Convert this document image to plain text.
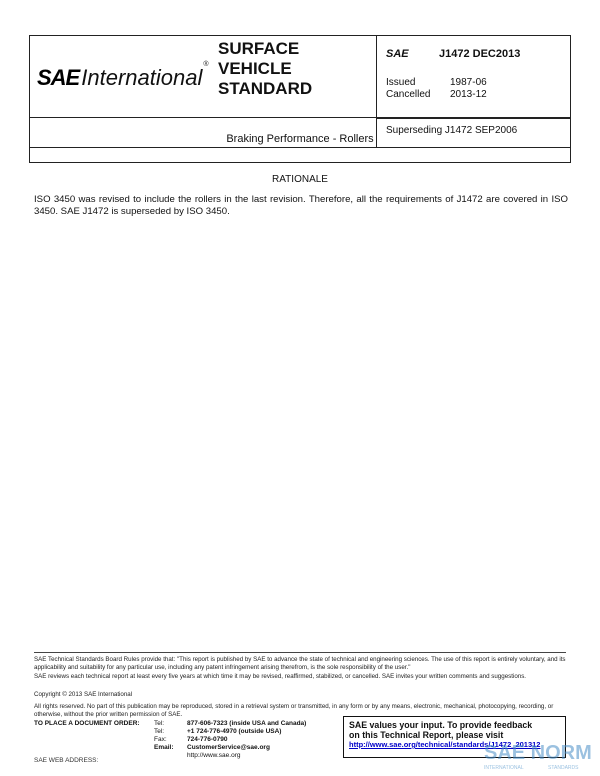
SAE International
®
SURFACE
VEHICLE
STANDARD
SAE	J1472 DEC2013
Issued	1987-06
Cancelled 2013-12
Superseding J1472 SEP2006
Braking Performance - Rollers
RATIONALE
ISO 3450 was revised to include the rollers in the last revision. Therefore, all the requirements of J1472 are covered in ISO 3450. SAE J1472 is superseded by ISO 3450.
SAE Technical Standards Board Rules provide that: "This report is published by SAE to advance the state of technical and engineering sciences. The use of this report is entirely voluntary, and its applicability and suitability for any particular use, including any patent infringement arising therefrom, is the sole responsibility of the user."
SAE reviews each technical report at least every five years at which time it may be revised, reaffirmed, stabilized, or cancelled. SAE invites your written comments and suggestions.
Copyright © 2013 SAE International
All rights reserved. No part of this publication may be reproduced, stored in a retrieval system or transmitted, in any form or by any means, electronic, mechanical, photocopying, recording, or otherwise, without the prior written permission of SAE.
TO PLACE A DOCUMENT ORDER: Tel:	877-606-7323 (inside USA and Canada)
Tel:	+1 724-776-4970 (outside USA)
Fax:	724-776-0790
Email:	CustomerService@sae.org
http://www.sae.org
SAE WEB ADDRESS:
SAE values your input. To provide feedback
on this Technical Report, please visit
http://www.sae.org/technical/standards/J1472_201312
SAE NORM
INTERNATIONAL	STANDARDS
